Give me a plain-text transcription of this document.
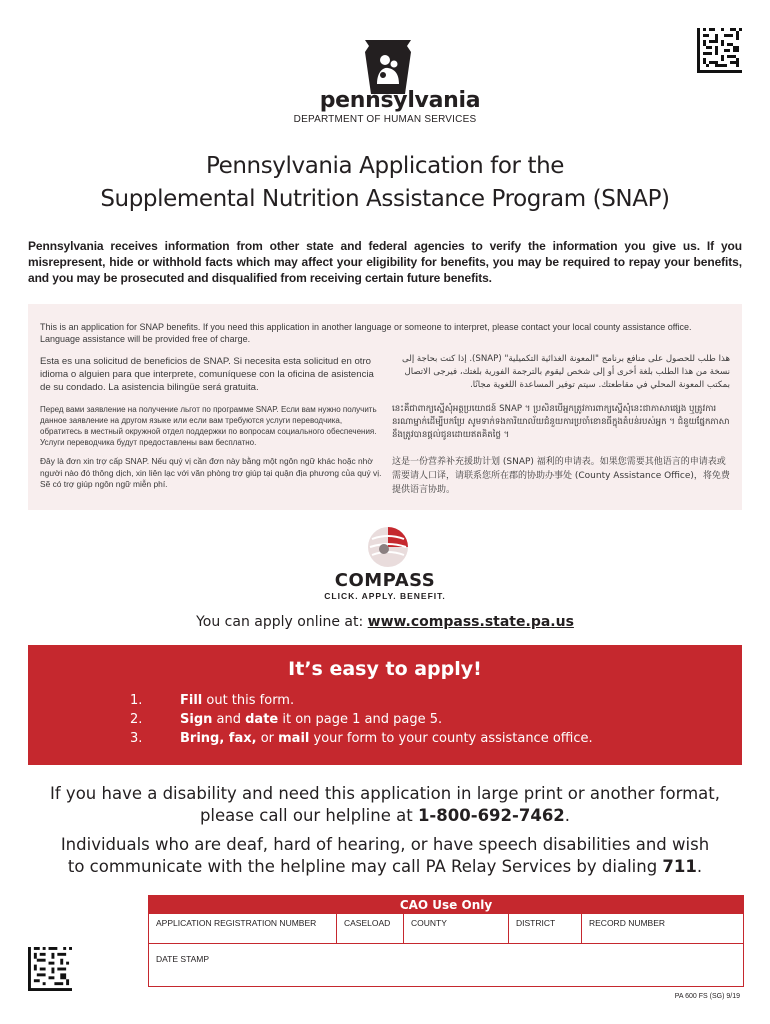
pennsylvania
DEPARTMENT OF HUMAN SERVICES
Pennsylvania Application for the
Supplemental Nutrition Assistance Program (SNAP)
Pennsylvania receives information from other state and federal agencies to verify the information you give us. If you misrepresent, hide or withhold facts which may affect your eligibility for benefits, you may be required to repay your benefits, and you may be prosecuted and disqualified from receiving certain future benefits.
This is an application for SNAP benefits. If you need this application in another language or someone to interpret, please contact your local county assistance office. Language assistance will be provided free of charge.
Esta es una solicitud de beneficios de SNAP. Si necesita esta solicitud en otro idioma o alguien para que interprete, comuníquese con la oficina de asistencia de su condado. La asistencia bilingüe será gratuita.
هذا طلب للحصول على منافع برنامج "المعونة الغذائية التكميلية" (SNAP). إذا كنت بحاجة إلى نسخة من هذا الطلب بلغة أخرى أو إلى شخص ليقوم بالترجمة الفورية بلغتك، فيرجى الاتصال بمكتب المعونة المحلي في مقاطعتك. سيتم توفير المساعدة اللغوية مجانًا.
Перед вами заявление на получение льгот по программе SNAP. Если вам нужно получить данное заявление на другом языке или если вам требуются услуги переводчика, обратитесь в местный окружной отдел поддержки по вопросам социального обеспечения. Услуги переводчика будут предоставлены вам бесплатно.
នេះគឺជាពាក្យស្នើសុំអត្ថប្រយោជន៍ SNAP ។ ប្រសិនបើអ្នកត្រូវការពាក្យស្នើសុំនេះជាភាសាផ្សេង ឬត្រូវការនរណាម្នាក់ដើម្បីបកប្រែ សូមទាក់ទងការិយាល័យជំនួយការប្រចាំខោនធីក្នុងតំបន់របស់អ្នក ។ ជំនួយផ្នែកភាសានឹងត្រូវបានផ្តល់ជូនដោយឥតគិតថ្លៃ ។
Đây là đơn xin trợ cấp SNAP. Nếu quý vị cần đơn này bằng một ngôn ngữ khác hoặc nhờ người nào đó thông dịch, xin liên lạc với văn phòng trợ giúp tại quận địa phương của quý vị. Sẽ có trợ giúp ngôn ngữ miễn phí.
这是一份营养补充援助计划 (SNAP) 福利的申请表。如果您需要其他语言的申请表或需要请人口译，请联系您所在郡的协助办事处 (County Assistance Office)，将免费提供语言协助。
COMPASS
CLICK. APPLY. BENEFIT.
You can apply online at: www.compass.state.pa.us
It’s easy to apply!
1.	Fill out this form.
2.	Sign and date it on page 1 and page 5.
3.	Bring, fax, or mail your form to your county assistance office.
If you have a disability and need this application in large print or another format,
please call our helpline at 1-800-692-7462.
Individuals who are deaf, hard of hearing, or have speech disabilities and wish
to communicate with the helpline may call PA Relay Services by dialing 711.
CAO Use Only
APPLICATION REGISTRATION NUMBER	CASELOAD	COUNTY	DISTRICT	RECORD NUMBER
DATE STAMP
PA 600 FS (SG) 9/19
